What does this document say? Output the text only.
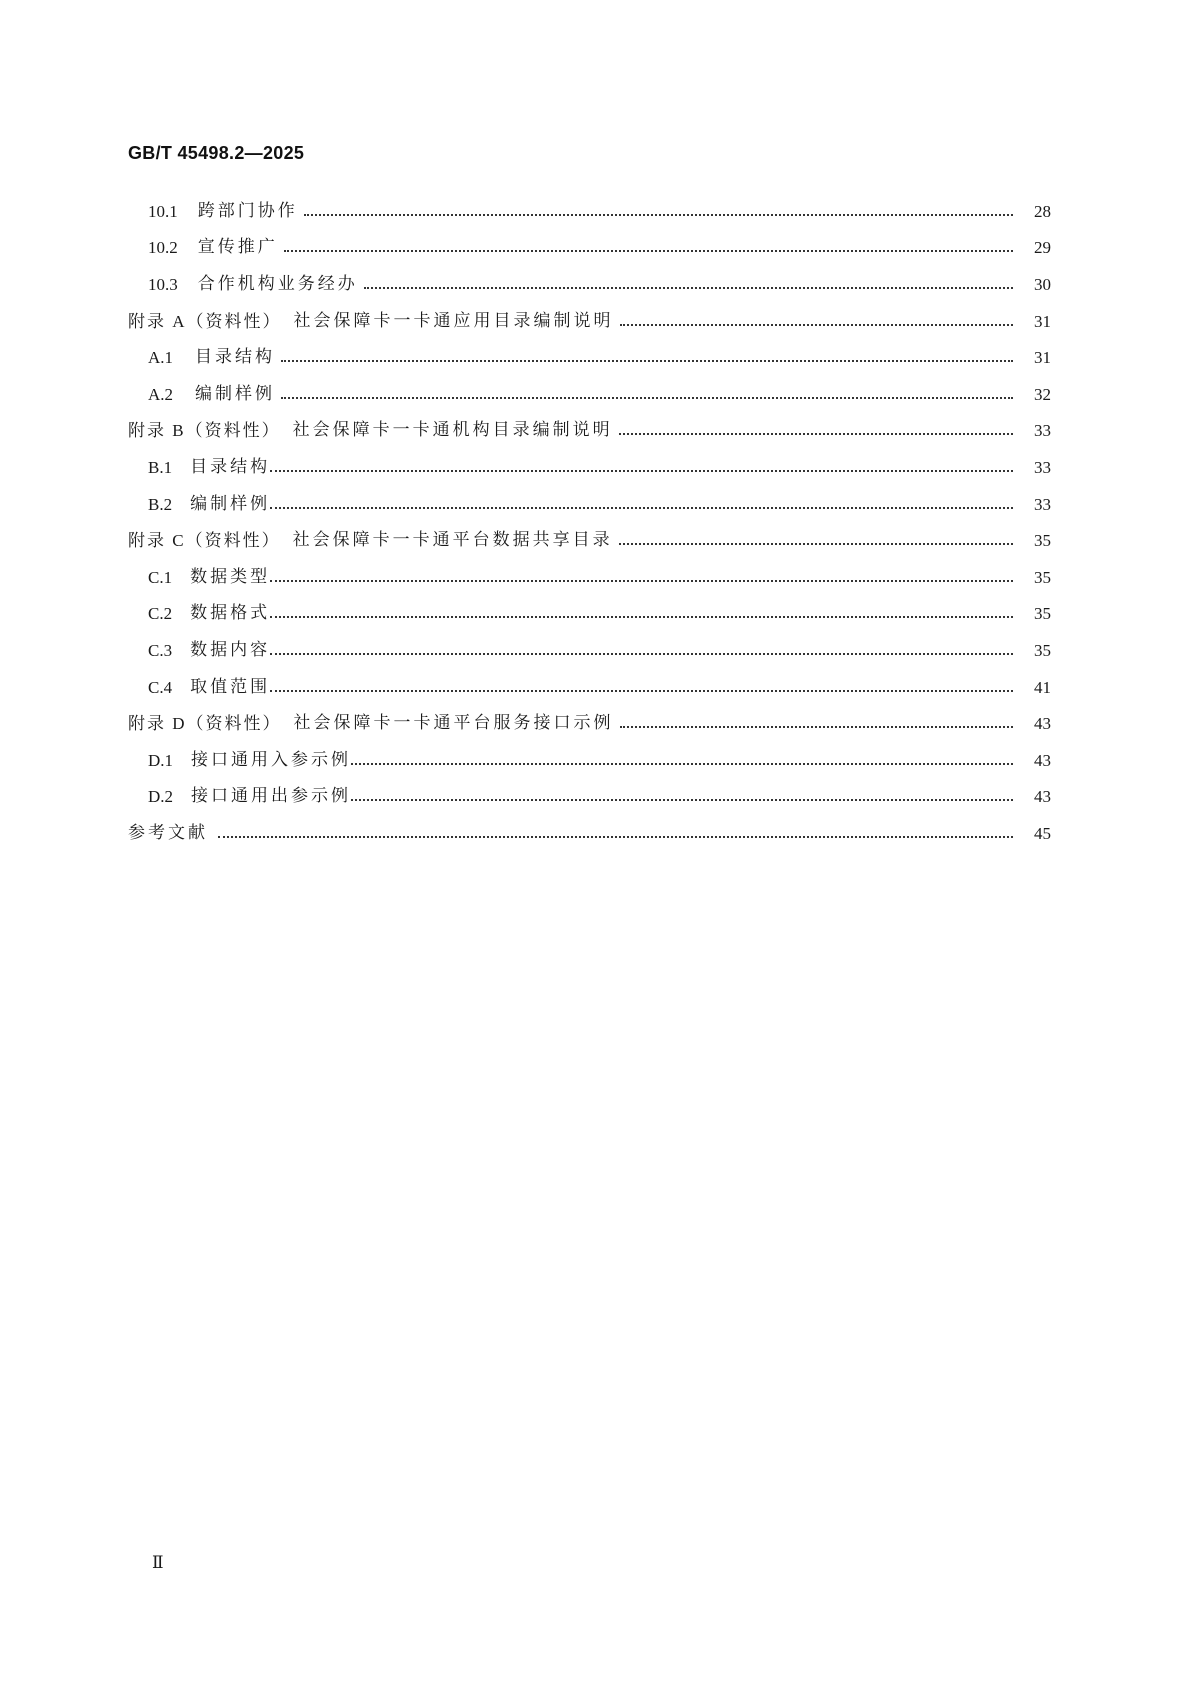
GB/T 45498.2—2025
10.1 跨部门协作	28
10.2 宣传推广	29
10.3 合作机构业务经办	30
附录 A（资料性） 社会保障卡一卡通应用目录编制说明	31
A.1 目录结构	31
A.2 编制样例	32
附录 B（资料性） 社会保障卡一卡通机构目录编制说明	33
B.1 目录结构	33
B.2 编制样例	33
附录 C（资料性） 社会保障卡一卡通平台数据共享目录	35
C.1 数据类型	35
C.2 数据格式	35
C.3 数据内容	35
C.4 取值范围	41
附录 D（资料性） 社会保障卡一卡通平台服务接口示例	43
D.1 接口通用入参示例	43
D.2 接口通用出参示例	43
参考文献	45
Ⅱ
